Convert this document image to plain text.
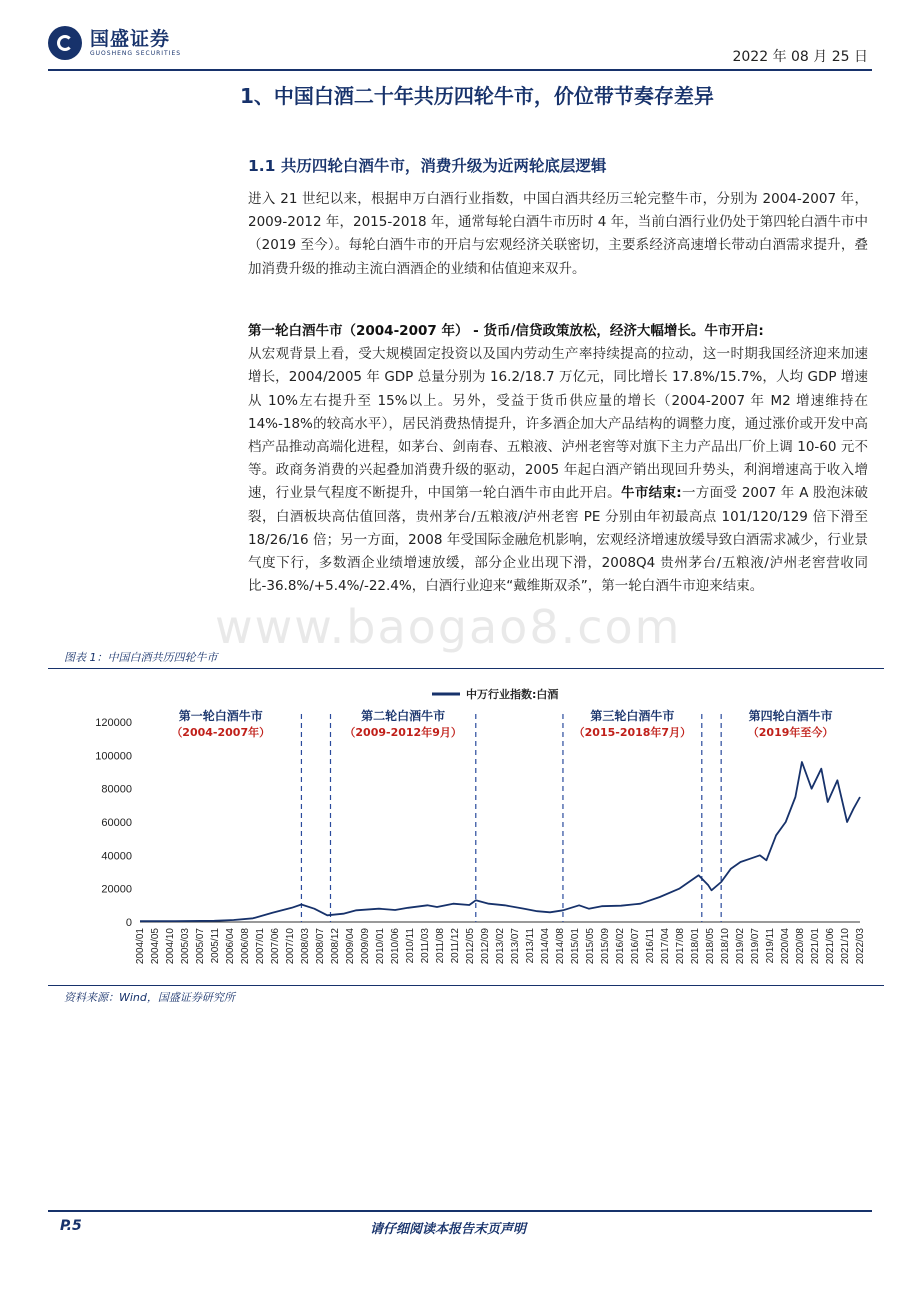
国盛证券
GUOSHENG SECURITIES	2022 年 08 月 25 日
1、中国白酒二十年共历四轮牛市，价位带节奏存差异
1.1 共历四轮白酒牛市，消费升级为近两轮底层逻辑
进入 21 世纪以来，根据申万白酒行业指数，中国白酒共经历三轮完整牛市，分别为 2004-2007 年，2009-2012 年，2015-2018 年，通常每轮白酒牛市历时 4 年，当前白酒行业仍处于第四轮白酒牛市中（2019 至今）。每轮白酒牛市的开启与宏观经济关联密切，主要系经济高速增长带动白酒需求提升，叠加消费升级的推动主流白酒酒企的业绩和估值迎来双升。
第一轮白酒牛市（2004-2007 年） - 货币/信贷政策放松，经济大幅增长。牛市开启:
从宏观背景上看，受大规模固定投资以及国内劳动生产率持续提高的拉动，这一时期我国经济迎来加速增长，2004/2005 年 GDP 总量分别为 16.2/18.7 万亿元，同比增长 17.8%/15.7%，人均 GDP 增速从 10%左右提升至 15%以上。另外，受益于货币供应量的增长（2004-2007 年 M2 增速维持在 14%-18%的较高水平），居民消费热情提升，许多酒企加大产品结构的调整力度，通过涨价或开发中高档产品推动高端化进程，如茅台、剑南春、五粮液、泸州老窖等对旗下主力产品出厂价上调 10-60 元不等。政商务消费的兴起叠加消费升级的驱动，2005 年起白酒产销出现回升势头，利润增速高于收入增速，行业景气程度不断提升，中国第一轮白酒牛市由此开启。牛市结束:一方面受 2007 年 A 股泡沫破裂，白酒板块高估值回落，贵州茅台/五粮液/泸州老窖 PE 分别由年初最高点 101/120/129 倍下滑至 18/26/16 倍；另一方面，2008 年受国际金融危机影响，宏观经济增速放缓导致白酒需求减少，行业景气度下行，多数酒企业绩增速放缓，部分企业出现下滑，2008Q4 贵州茅台/五粮液/泸州老窖营收同比-36.8%/+5.4%/-22.4%，白酒行业迎来“戴维斯双杀”，第一轮白酒牛市迎来结束。
www.baogao8.com
图表 1：中国白酒共历四轮牛市
0
20000
40000
60000
80000
100000
120000
2004/01 2004/05 2004/10 2005/03 2005/07 2005/11 2006/04 2006/08 2007/01 2007/06 2007/10 2008/03 2008/07 2008/12 2009/04 2009/09 2010/01 2010/06 2010/11 2011/03 2011/08 2011/12 2012/05 2012/09 2013/02 2013/07 2013/11 2014/04 2014/08 2015/01 2015/05 2015/09 2016/02 2016/07 2016/11 2017/04 2017/08 2018/01 2018/05 2018/10 2019/02 2019/07 2019/11 2020/04 2020/08 2021/01 2021/06 2021/10 2022/03
第一轮白酒牛市
（2004-2007年）
第二轮白酒牛市
（2009-2012年9月）
第三轮白酒牛市
（2015-2018年7月）
第四轮白酒牛市
（2019年至今）
中万行业指数:白酒
资料来源：Wind，国盛证券研究所
P.5	请仔细阅读本报告末页声明
